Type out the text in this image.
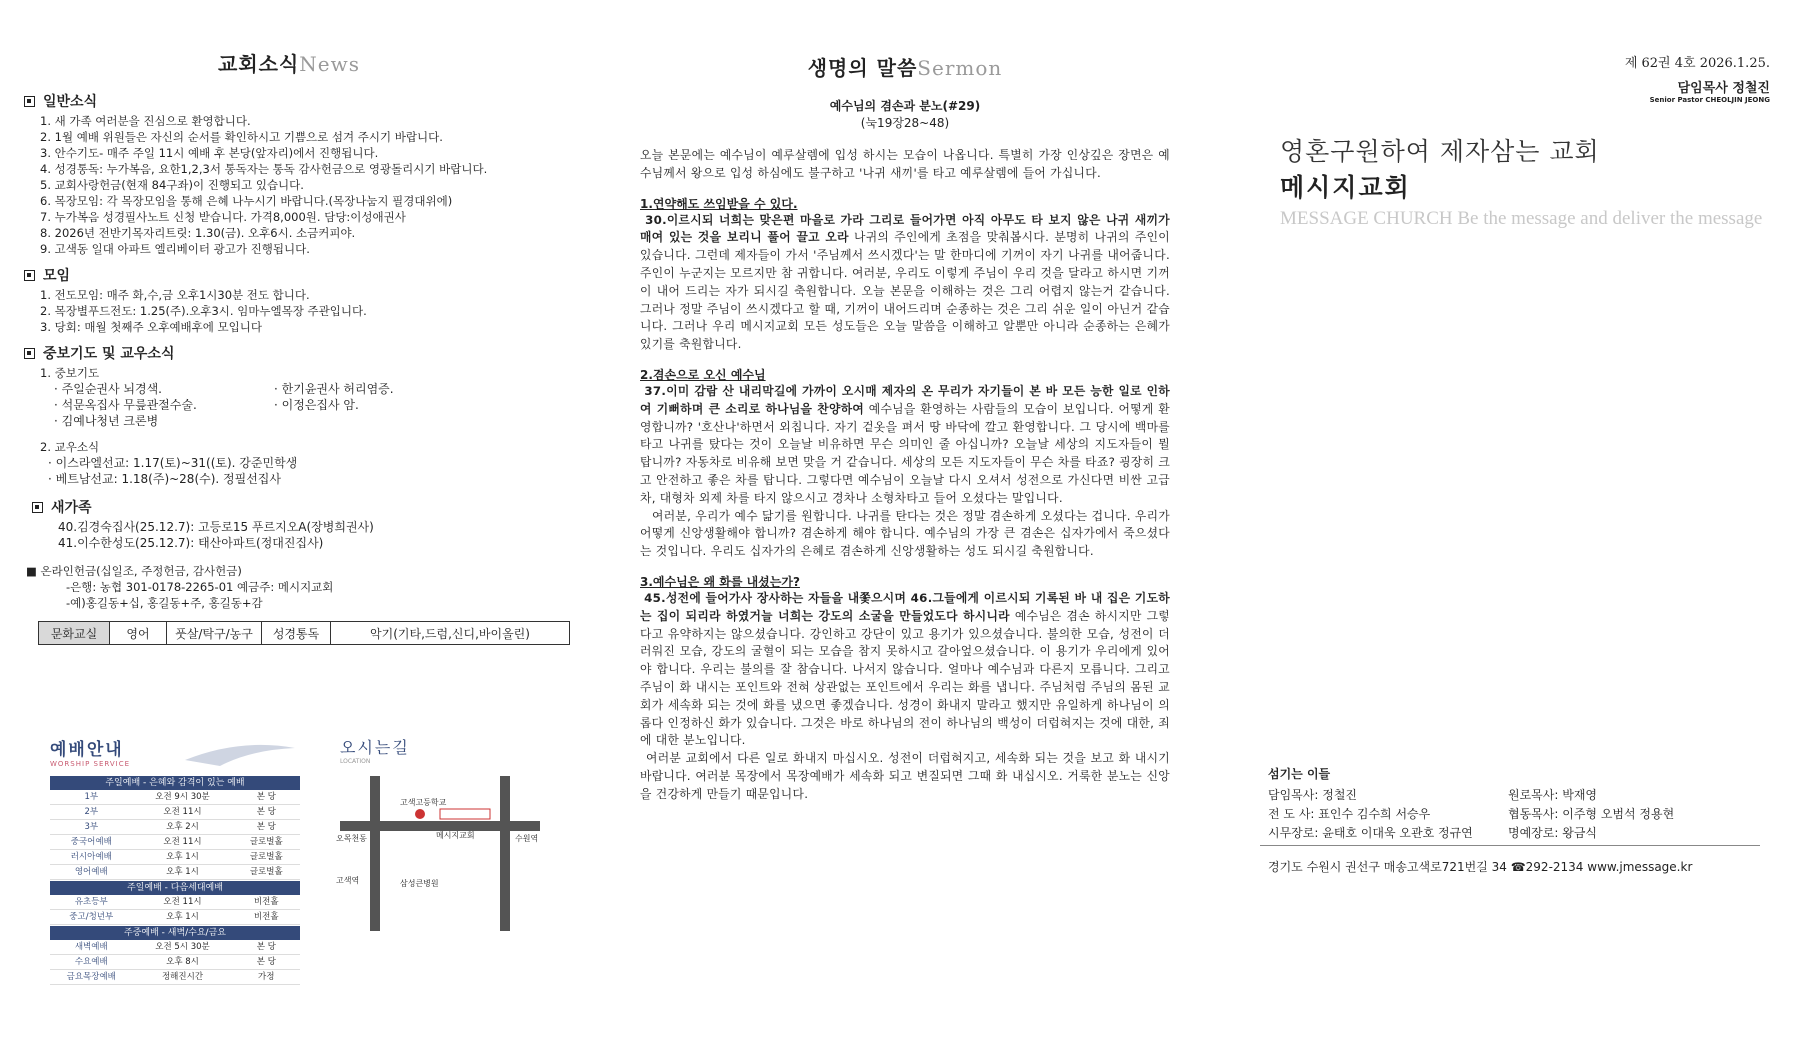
교회소식News
일반소식
1. 새 가족 여러분을 진심으로 환영합니다.
2. 1월 예배 위원들은 자신의 순서를 확인하시고 기쁨으로 섬겨 주시기 바랍니다.
3. 안수기도- 매주 주일 11시 예배 후 본당(앞자리)에서 진행됩니다.
4. 성경통독: 누가복음, 요한1,2,3서 통독자는 통독 감사헌금으로 영광돌리시기 바랍니다.
5. 교회사랑헌금(현재 84구좌)이 진행되고 있습니다.
6. 목장모임: 각 목장모임을 통해 은혜 나누시기 바랍니다.(목장나눔지 필경대위에)
7. 누가복음 성경필사노트 신청 받습니다. 가격8,000원. 담당:이성애권사
8. 2026년 전반기목자리트릿: 1.30(금). 오후6시. 소금커피야.
9. 고색동 일대 아파트 엘리베이터 광고가 진행됩니다.
모임
1. 전도모임: 매주 화,수,금 오후1시30분 전도 합니다.
2. 목장별푸드전도: 1.25(주).오후3시. 임마누엘목장 주관입니다.
3. 당회: 매월 첫째주 오후예배후에 모입니다
중보기도 및 교우소식
1. 중보기도
· 주일순권사 뇌경색.
· 석문옥집사 무릎관절수술.
· 김예나청년 크론병
· 한기윤권사 허리염증.
· 이정은집사 암.
2. 교우소식
· 이스라엘선교: 1.17(토)~31((토). 강준민학생
· 베트남선교: 1.18(주)~28(수). 정필선집사
새가족
40.김경숙집사(25.12.7): 고등로15 푸르지오A(장병희권사)
41.이수한성도(25.12.7): 태산아파트(정대진집사)
■ 온라인헌금(십일조, 주정헌금, 감사헌금)
-은행: 농협 301-0178-2265-01 예금주: 메시지교회
-예)홍길동+십, 홍길동+주, 홍길동+감
문화교실	영어	풋살/탁구/농구	성경통독	악기(기타,드럼,신디,바이올린)
예배안내
WORSHIP SERVICE
주일예배 - 은혜와 감격이 있는 예배
1부	오전 9시 30분	본 당
2부	오전 11시	본 당
3부	오후 2시	본 당
중국어예배	오전 11시	글로벌홀
러시아예배	오후 1시	글로벌홀
영어예배	오후 1시	글로벌홀
주일예배 - 다음세대예배
유초등부	오전 11시	비전홀
중고/청년부	오후 1시	비전홀
주중예배 - 새벽/수요/금요
새벽예배	오전 5시 30분	본 당
수요예배	오후 8시	본 당
금요목장예배	정해진시간	가정
오시는길
LOCATION
고색고등학교
메시지교회
오목천동	수원역
고색역	삼성큰병원
생명의 말씀Sermon
예수님의 겸손과 분노(#29)
(눅19장28~48)
오늘 본문에는 예수님이 예루살렘에 입성 하시는 모습이 나옵니다. 특별히 가장 인상깊은 장면은 예수님께서 왕으로 입성 하심에도 불구하고 '나귀 새끼'를 타고 예루살렘에 들어 가십니다.
1.연약해도 쓰임받을 수 있다.
30.이르시되 너희는 맞은편 마을로 가라 그리로 들어가면 아직 아무도 타 보지 않은 나귀 새끼가 매여 있는 것을 보리니 풀어 끌고 오라 나귀의 주인에게 초점을 맞춰봅시다. 분명히 나귀의 주인이 있습니다. 그런데 제자들이 가서 '주님께서 쓰시겠다'는 말 한마디에 기꺼이 자기 나귀를 내어줍니다. 주인이 누군지는 모르지만 참 귀합니다. 여러분, 우리도 이렇게 주님이 우리 것을 달라고 하시면 기꺼이 내어 드리는 자가 되시길 축원합니다. 오늘 본문을 이해하는 것은 그리 어렵지 않는거 같습니다. 그러나 정말 주님이 쓰시겠다고 할 때, 기꺼이 내어드리며 순종하는 것은 그리 쉬운 일이 아닌거 같습니다. 그러나 우리 메시지교회 모든 성도들은 오늘 말씀을 이해하고 알뿐만 아니라 순종하는 은혜가 있기를 축원합니다.
2.겸손으로 오신 예수님
37.이미 감람 산 내리막길에 가까이 오시매 제자의 온 무리가 자기들이 본 바 모든 능한 일로 인하여 기뻐하며 큰 소리로 하나님을 찬양하여 예수님을 환영하는 사람들의 모습이 보입니다. 어떻게 환영합니까? '호산나'하면서 외칩니다. 자기 겉옷을 펴서 땅 바닥에 깔고 환영합니다. 그 당시에 백마를 타고 나귀를 탔다는 것이 오늘날 비유하면 무슨 의미인 줄 아십니까? 오늘날 세상의 지도자들이 뭘 탑니까? 자동차로 비유해 보면 맞을 거 같습니다. 세상의 모든 지도자들이 무슨 차를 타죠? 굉장히 크고 안전하고 좋은 차를 탑니다. 그렇다면 예수님이 오늘날 다시 오셔서 성전으로 가신다면 비싼 고급차, 대형차 외제 차를 타지 않으시고 경차나 소형차타고 들어 오셨다는 말입니다.
여러분, 우리가 예수 닮기를 원합니다. 나귀를 탄다는 것은 정말 겸손하게 오셨다는 겁니다. 우리가 어떻게 신앙생활해야 합니까? 겸손하게 해야 합니다. 예수님의 가장 큰 겸손은 십자가에서 죽으셨다는 것입니다. 우리도 십자가의 은혜로 겸손하게 신앙생활하는 성도 되시길 축원합니다.
3.예수님은 왜 화를 내셨는가?
45.성전에 들어가사 장사하는 자들을 내쫓으시며 46.그들에게 이르시되 기록된 바 내 집은 기도하는 집이 되리라 하였거늘 너희는 강도의 소굴을 만들었도다 하시니라 예수님은 겸손 하시지만 그렇다고 유약하지는 않으셨습니다. 강인하고 강단이 있고 용기가 있으셨습니다. 불의한 모습, 성전이 더러워진 모습, 강도의 굴혈이 되는 모습을 참지 못하시고 갈아엎으셨습니다. 이 용기가 우리에게 있어야 합니다. 우리는 불의를 잘 참습니다. 나서지 않습니다. 얼마나 예수님과 다른지 모릅니다. 그리고 주님이 화 내시는 포인트와 전혀 상관없는 포인트에서 우리는 화를 냅니다. 주님처럼 주님의 몸된 교회가 세속화 되는 것에 화를 냈으면 좋겠습니다. 성경이 화내지 말라고 했지만 유일하게 하나님이 의롭다 인정하신 화가 있습니다. 그것은 바로 하나님의 전이 하나님의 백성이 더럽혀지는 것에 대한, 죄에 대한 분노입니다.
여러분 교회에서 다른 일로 화내지 마십시오. 성전이 더럽혀지고, 세속화 되는 것을 보고 화 내시기 바랍니다. 여러분 목장에서 목장예배가 세속화 되고 변질되면 그때 화 내십시오. 거룩한 분노는 신앙을 건강하게 만들기 때문입니다.
제 62권 4호 2026.1.25.
담임목사 정철진
Senior Pastor CHEOLJIN JEONG
영혼구원하여 제자삼는 교회
메시지교회
MESSAGE CHURCH Be the message and deliver the message
섬기는 이들
담임목사: 정철진	원로목사: 박재영
전 도 사: 표인수 김수희 서승우	협동목사: 이주형 오범석 정용현
시무장로: 윤태호 이대욱 오관호 정규연	명예장로: 왕금식
경기도 수원시 권선구 매송고색로721번길 34 ☎292-2134 www.jmessage.kr
